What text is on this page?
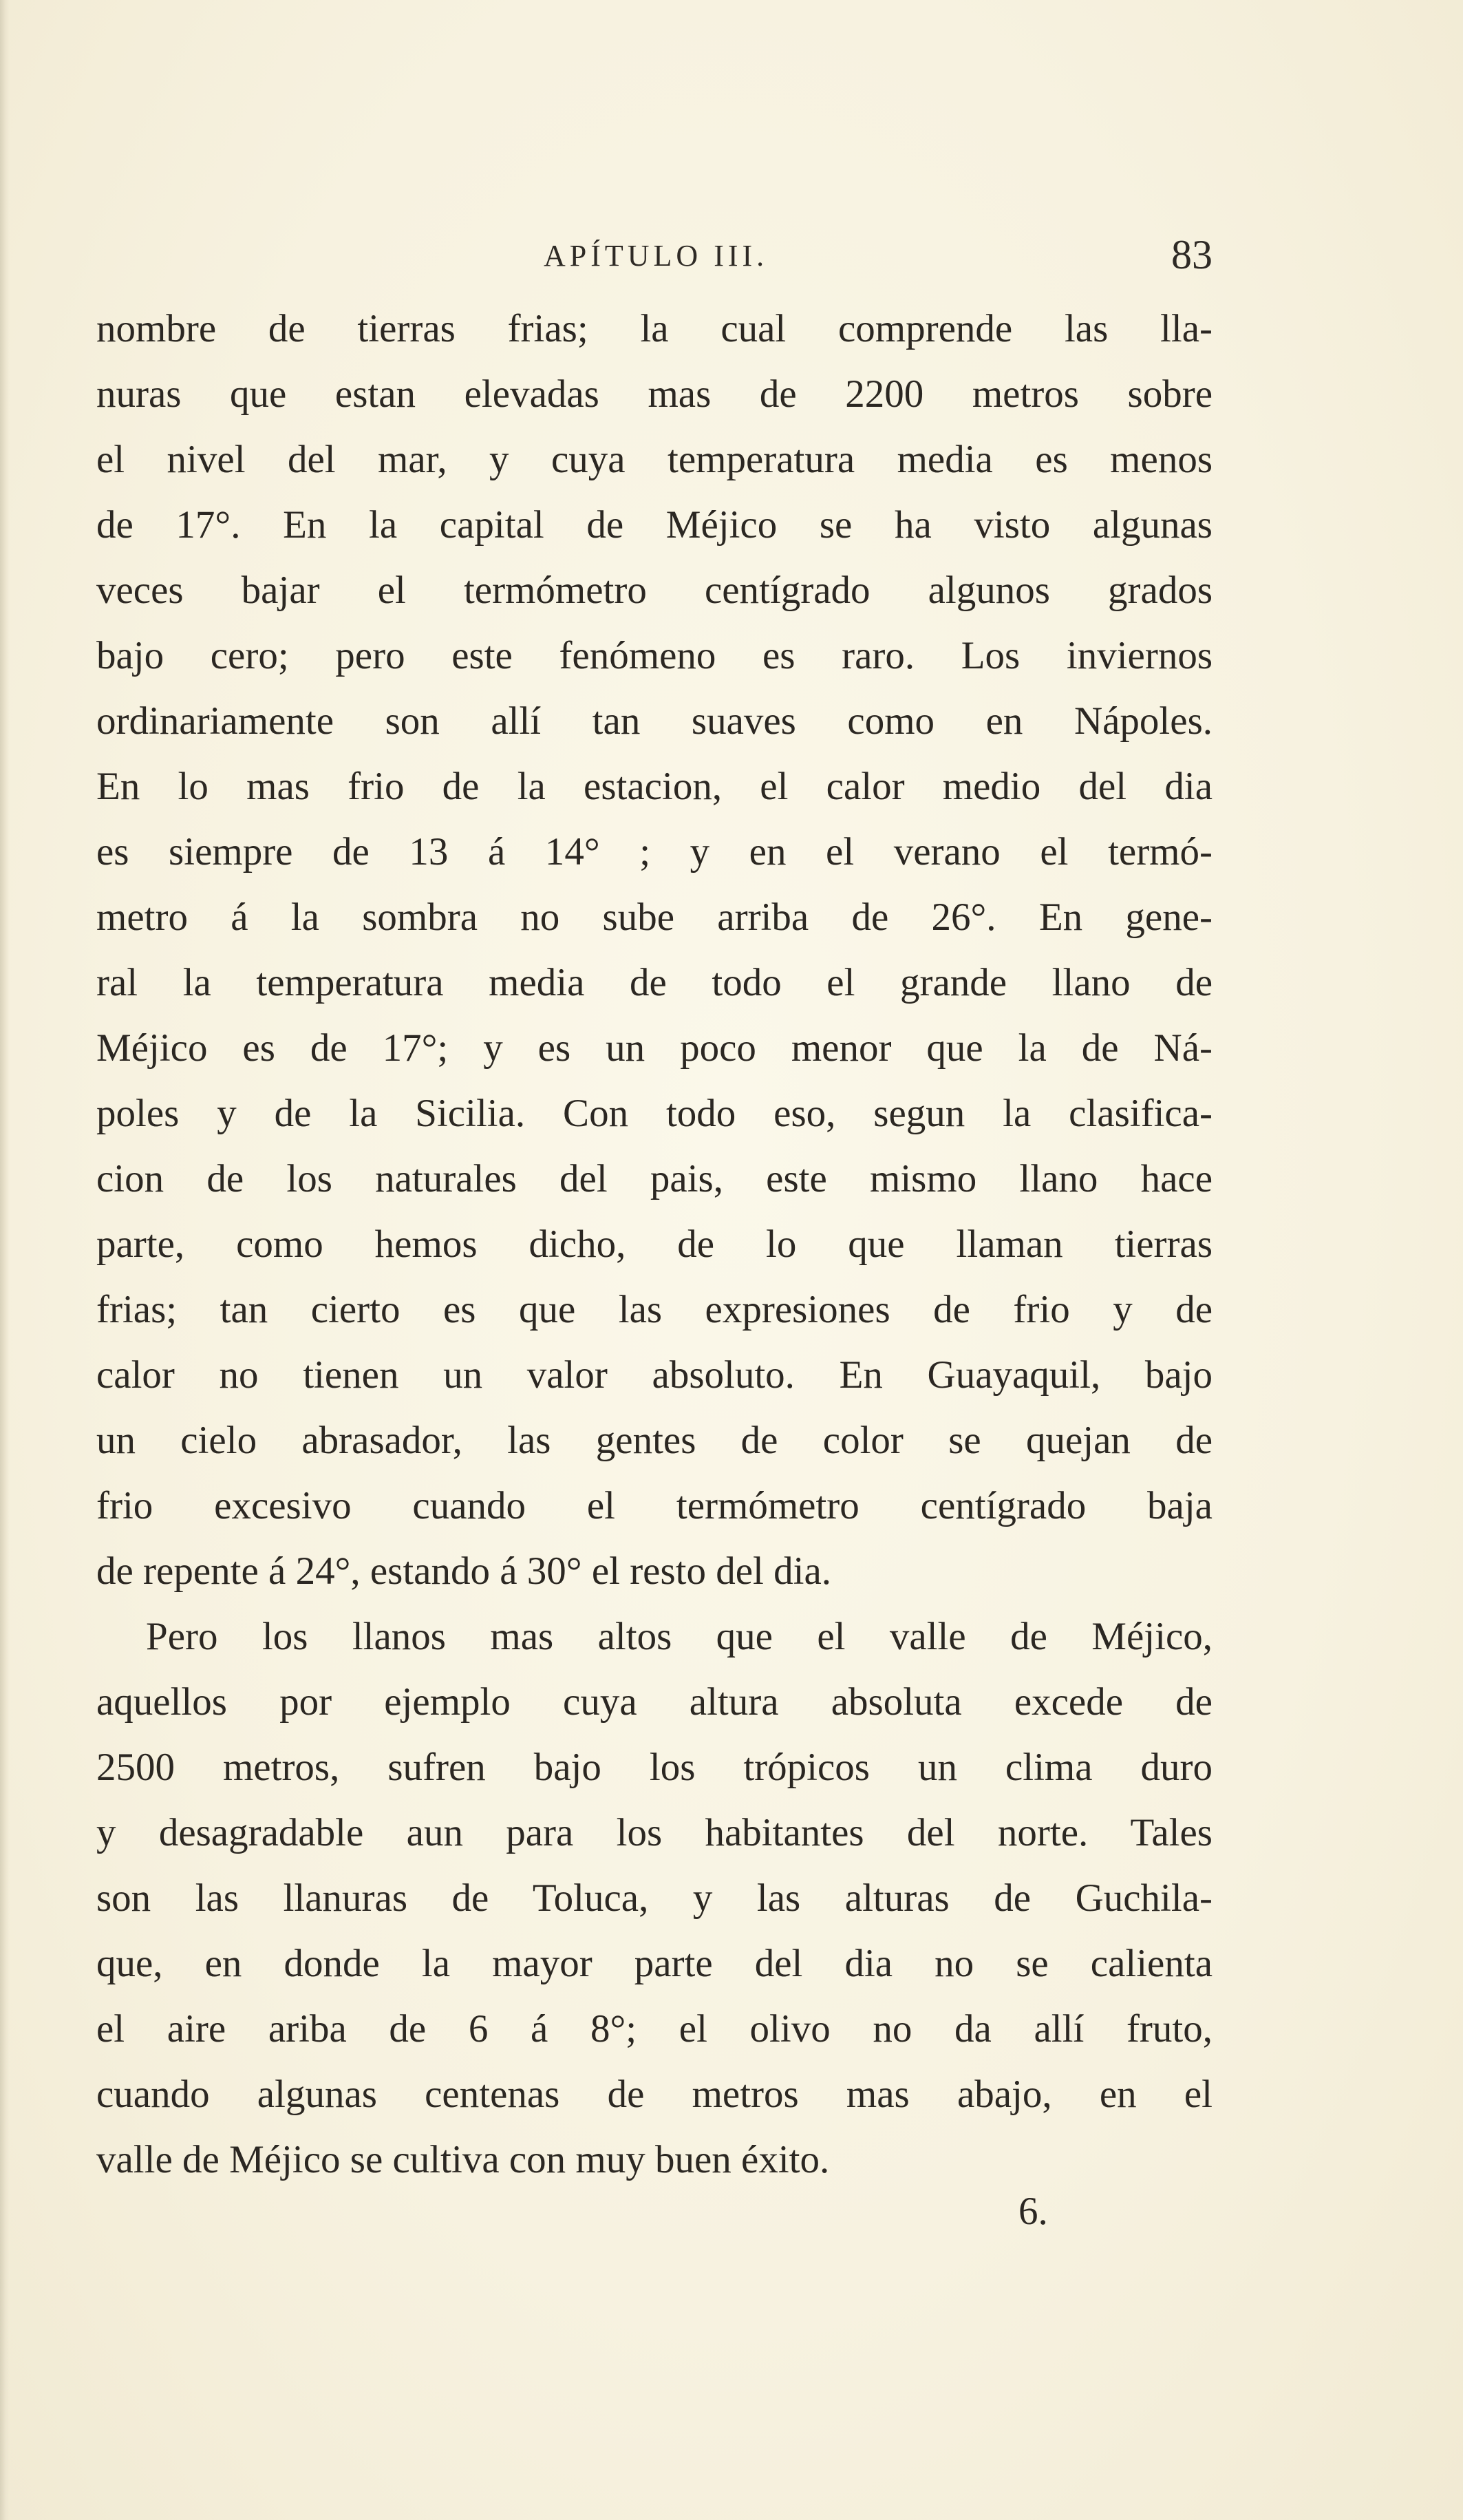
APÍTULO III.	83
nombre de tierras frias; la cual comprende las lla-
nuras que estan elevadas mas de 2200 metros sobre
el nivel del mar, y cuya temperatura media es menos
de 17°. En la capital de Méjico se ha visto algunas
veces bajar el termómetro centígrado algunos grados
bajo cero; pero este fenómeno es raro. Los inviernos
ordinariamente son allí tan suaves como en Nápoles.
En lo mas frio de la estacion, el calor medio del dia
es siempre de 13 á 14° ; y en el verano el termó-
metro á la sombra no sube arriba de 26°. En gene-
ral la temperatura media de todo el grande llano de
Méjico es de 17°; y es un poco menor que la de Ná-
poles y de la Sicilia. Con todo eso, segun la clasifica-
cion de los naturales del pais, este mismo llano hace
parte, como hemos dicho, de lo que llaman tierras
frias; tan cierto es que las expresiones de frio y de
calor no tienen un valor absoluto. En Guayaquil, bajo
un cielo abrasador, las gentes de color se quejan de
frio excesivo cuando el termómetro centígrado baja
de repente á 24°, estando á 30° el resto del dia.
Pero los llanos mas altos que el valle de Méjico,
aquellos por ejemplo cuya altura absoluta excede de
2500 metros, sufren bajo los trópicos un clima duro
y desagradable aun para los habitantes del norte. Tales
son las llanuras de Toluca, y las alturas de Guchila-
que, en donde la mayor parte del dia no se calienta
el aire ariba de 6 á 8°; el olivo no da allí fruto,
cuando algunas centenas de metros mas abajo, en el
valle de Méjico se cultiva con muy buen éxito.
6.
